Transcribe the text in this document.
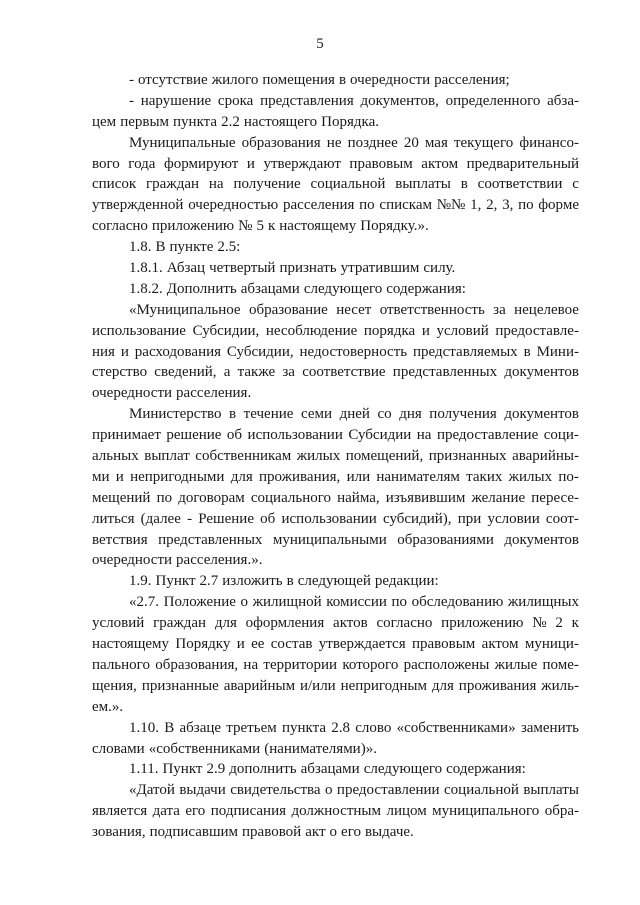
5
- отсутствие жилого помещения в очередности расселения;
- нарушение срока представления документов, определенного абза-
цем первым пункта 2.2 настоящего Порядка.
Муниципальные образования не позднее 20 мая текущего финансо-
вого года формируют и утверждают правовым актом предварительный
список граждан на получение социальной выплаты в соответствии с
утвержденной очередностью расселения по спискам №№ 1, 2, 3, по форме
согласно приложению № 5 к настоящему Порядку.».
1.8. В пункте 2.5:
1.8.1. Абзац четвертый признать утратившим силу.
1.8.2. Дополнить абзацами следующего содержания:
«Муниципальное образование несет ответственность за нецелевое
использование Субсидии, несоблюдение порядка и условий предоставле-
ния и расходования Субсидии, недостоверность представляемых в Мини-
стерство сведений, а также за соответствие представленных документов
очередности расселения.
Министерство в течение семи дней со дня получения документов
принимает решение об использовании Субсидии на предоставление соци-
альных выплат собственникам жилых помещений, признанных аварийны-
ми и непригодными для проживания, или нанимателям таких жилых по-
мещений по договорам социального найма, изъявившим желание пересе-
литься (далее - Решение об использовании субсидий), при условии соот-
ветствия представленных муниципальными образованиями документов
очередности расселения.».
1.9. Пункт 2.7 изложить в следующей редакции:
«2.7. Положение о жилищной комиссии по обследованию жилищных
условий граждан для оформления актов согласно приложению № 2 к
настоящему Порядку и ее состав утверждается правовым актом муници-
пального образования, на территории которого расположены жилые поме-
щения, признанные аварийным и/или непригодным для проживания жиль-
ем.».
1.10. В абзаце третьем пункта 2.8 слово «собственниками» заменить
словами «собственниками (нанимателями)».
1.11. Пункт 2.9 дополнить абзацами следующего содержания:
«Датой выдачи свидетельства о предоставлении социальной выплаты
является дата его подписания должностным лицом муниципального обра-
зования, подписавшим правовой акт о его выдаче.
